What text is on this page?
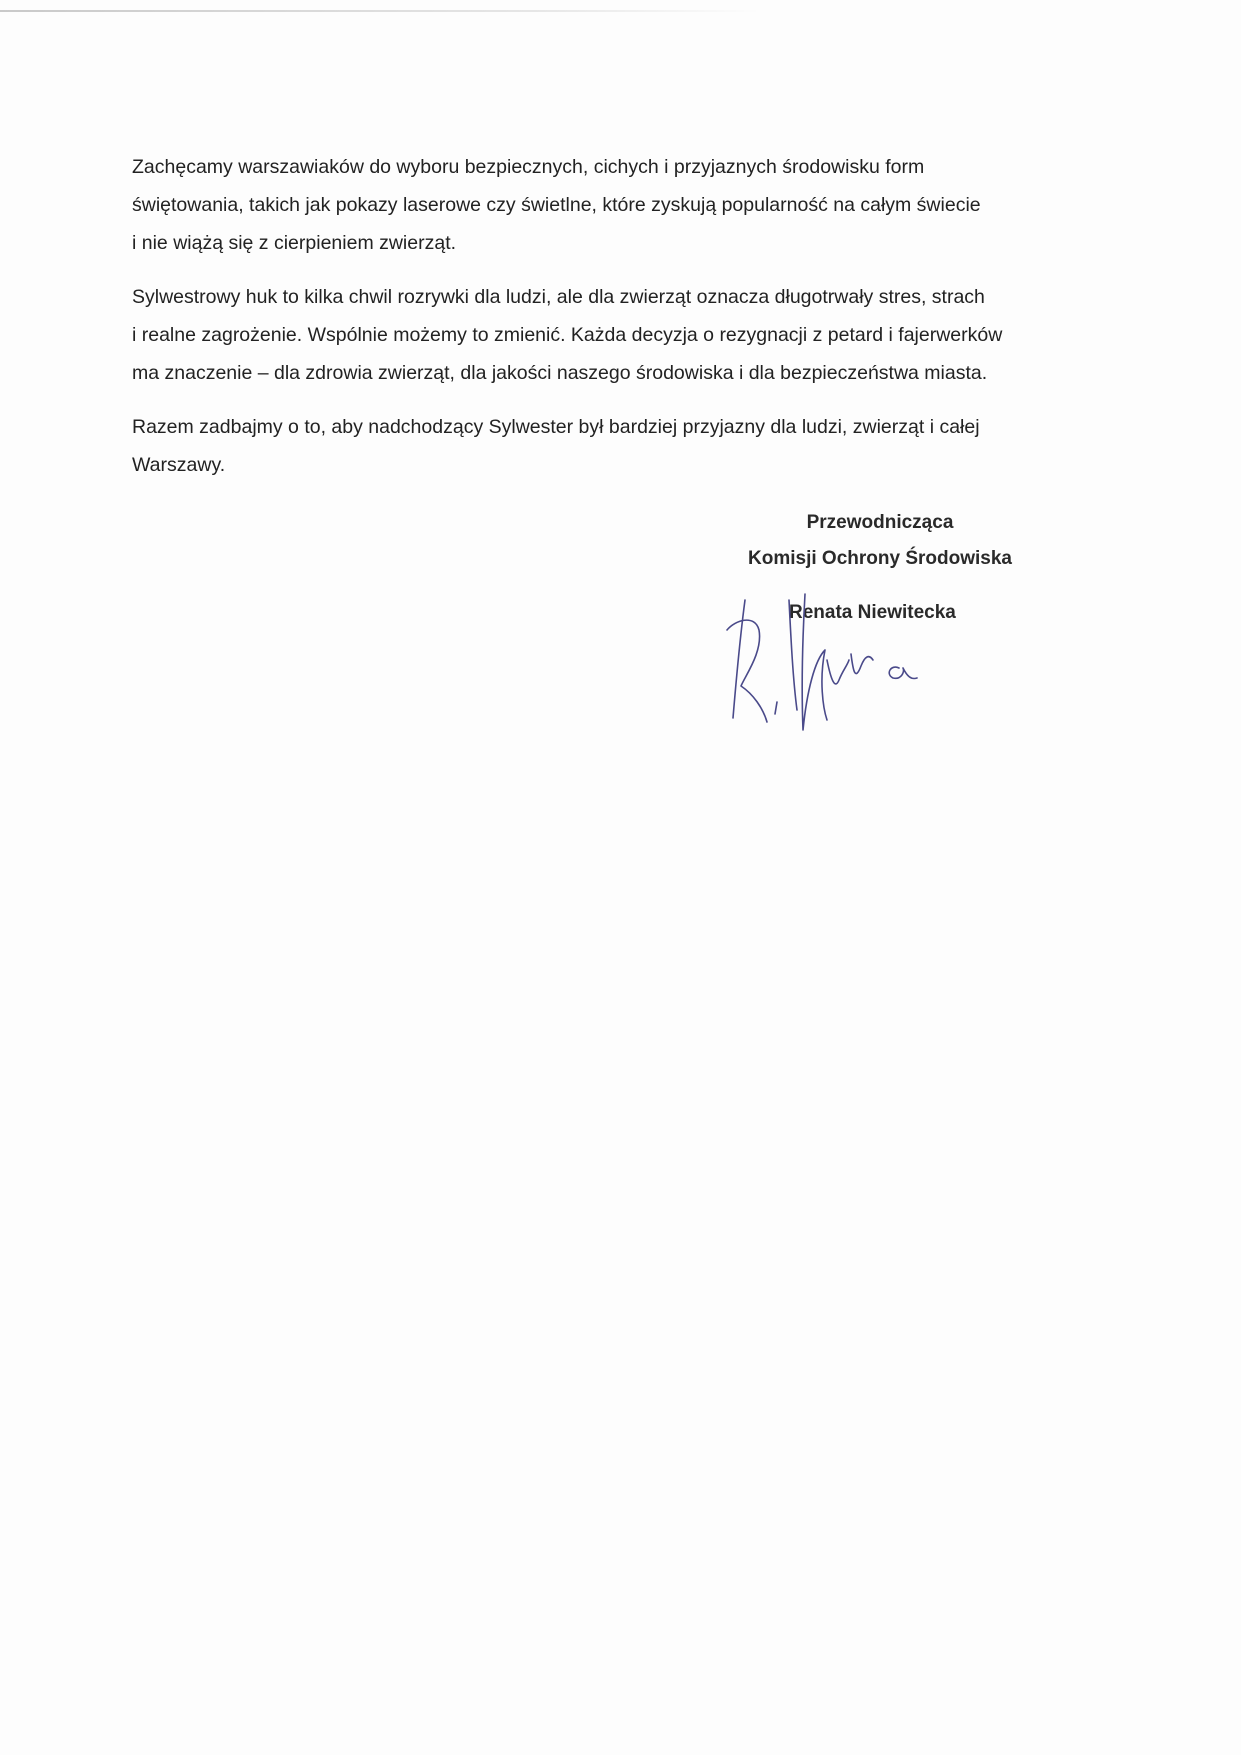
Zachęcamy warszawiaków do wyboru bezpiecznych, cichych i przyjaznych środowisku form
świętowania, takich jak pokazy laserowe czy świetlne, które zyskują popularność na całym świecie
i nie wiążą się z cierpieniem zwierząt.

Sylwestrowy huk to kilka chwil rozrywki dla ludzi, ale dla zwierząt oznacza długotrwały stres, strach
i realne zagrożenie. Wspólnie możemy to zmienić. Każda decyzja o rezygnacji z petard i fajerwerków
ma znaczenie – dla zdrowia zwierząt, dla jakości naszego środowiska i dla bezpieczeństwa miasta.

Razem zadbajmy o to, aby nadchodzący Sylwester był bardziej przyjazny dla ludzi, zwierząt i całej
Warszawy.

Przewodnicząca
Komisji Ochrony Środowiska
Renata Niewitecka
